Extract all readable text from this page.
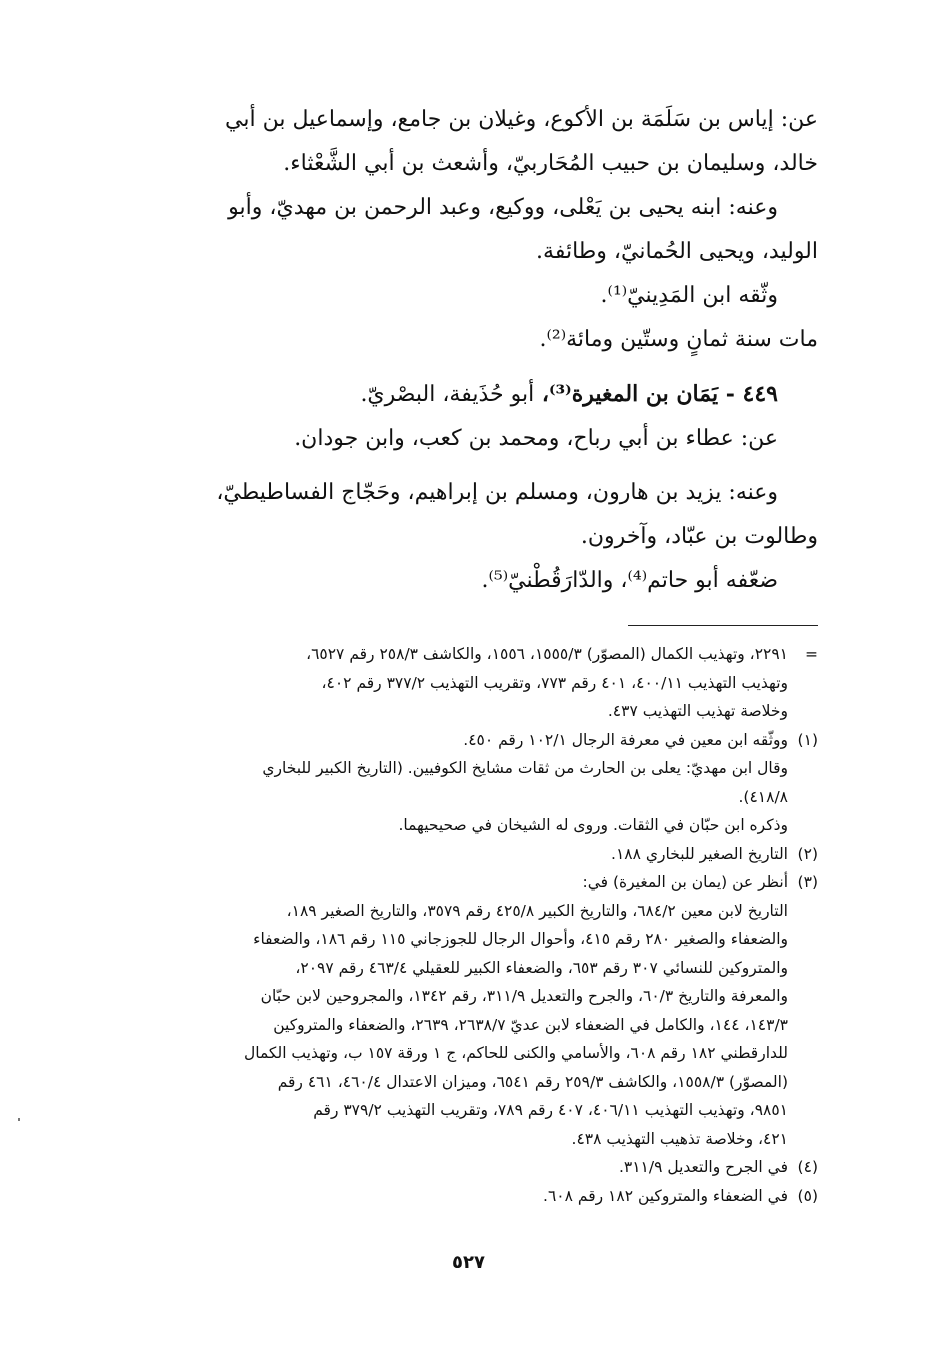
عن: إياس بن سَلَمَة بن الأكوع، وغيلان بن جامع، وإسماعيل بن أبي
خالد، وسليمان بن حبيب المُحَاربيّ، وأشعث بن أبي الشَّعْثاء.

وعنه: ابنه يحيى بن يَعْلى، ووكيع، وعبد الرحمن بن مهديّ، وأبو
الوليد، ويحيى الحُمانيّ، وطائفة.

وثّقه ابن المَدِينيّ⁽¹⁾.

مات سنة ثمانٍ وستّين ومائة⁽²⁾.

٤٤٩ - يَمَان بن المغيرة⁽³⁾، أبو حُذَيفة، البصْريّ.

عن: عطاء بن أبي رباح، ومحمد بن كعب، وابن جودان.

وعنه: يزيد بن هارون، ومسلم بن إبراهيم، وحَجّاج الفساطيطيّ،
وطالوت بن عبّاد، وآخرون.

ضعّفه أبو حاتم⁽⁴⁾، والدّارَقُطْنيّ⁽⁵⁾.

=
٢٢٩١، وتهذيب الكمال (المصوّر) ١٥٥٥/٣، ١٥٥٦، والكاشف ٢٥٨/٣ رقم ٦٥٢٧،
وتهذيب التهذيب ٤٠٠/١١، ٤٠١ رقم ٧٧٣، وتقريب التهذيب ٣٧٧/٢ رقم ٤٠٢،
وخلاصة تهذيب التهذيب ٤٣٧.
(١)
ووثّقه ابن معين في معرفة الرجال ١٠٢/١ رقم ٤٥٠.
وقال ابن مهديّ: يعلى بن الحارث من ثقات مشايخ الكوفيين. (التاريخ الكبير للبخاري
٤١٨/٨).
وذكره ابن حبّان في الثقات. وروى له الشيخان في صحيحيهما.
(٢)
التاريخ الصغير للبخاري ١٨٨.
(٣)
أنظر عن (يمان بن المغيرة) في:
التاريخ لابن معين ٦٨٤/٢، والتاريخ الكبير ٤٢٥/٨ رقم ٣٥٧٩، والتاريخ الصغير ١٨٩،
والضعفاء والصغير ٢٨٠ رقم ٤١٥، وأحوال الرجال للجوزجاني ١١٥ رقم ١٨٦، والضعفاء
والمتروكين للنسائي ٣٠٧ رقم ٦٥٣، والضعفاء الكبير للعقيلي ٤٦٣/٤ رقم ٢٠٩٧،
والمعرفة والتاريخ ٦٠/٣، والجرح والتعديل ٣١١/٩، رقم ١٣٤٢، والمجروحين لابن حبّان
١٤٣/٣، ١٤٤، والكامل في الضعفاء لابن عديّ ٢٦٣٨/٧، ٢٦٣٩، والضعفاء والمتروكين
للدارقطني ١٨٢ رقم ٦٠٨، والأسامي والكنى للحاكم، ج ١ ورقة ١٥٧ ب، وتهذيب الكمال
(المصوّر) ١٥٥٨/٣، والكاشف ٢٥٩/٣ رقم ٦٥٤١، وميزان الاعتدال ٤٦٠/٤، ٤٦١ رقم
٩٨٥١، وتهذيب التهذيب ٤٠٦/١١، ٤٠٧ رقم ٧٨٩، وتقريب التهذيب ٣٧٩/٢ رقم
٤٢١، وخلاصة تذهيب التهذيب ٤٣٨.
(٤)
في الجرح والتعديل ٣١١/٩.
(٥)
في الضعفاء والمتروكين ١٨٢ رقم ٦٠٨.
٥٢٧
